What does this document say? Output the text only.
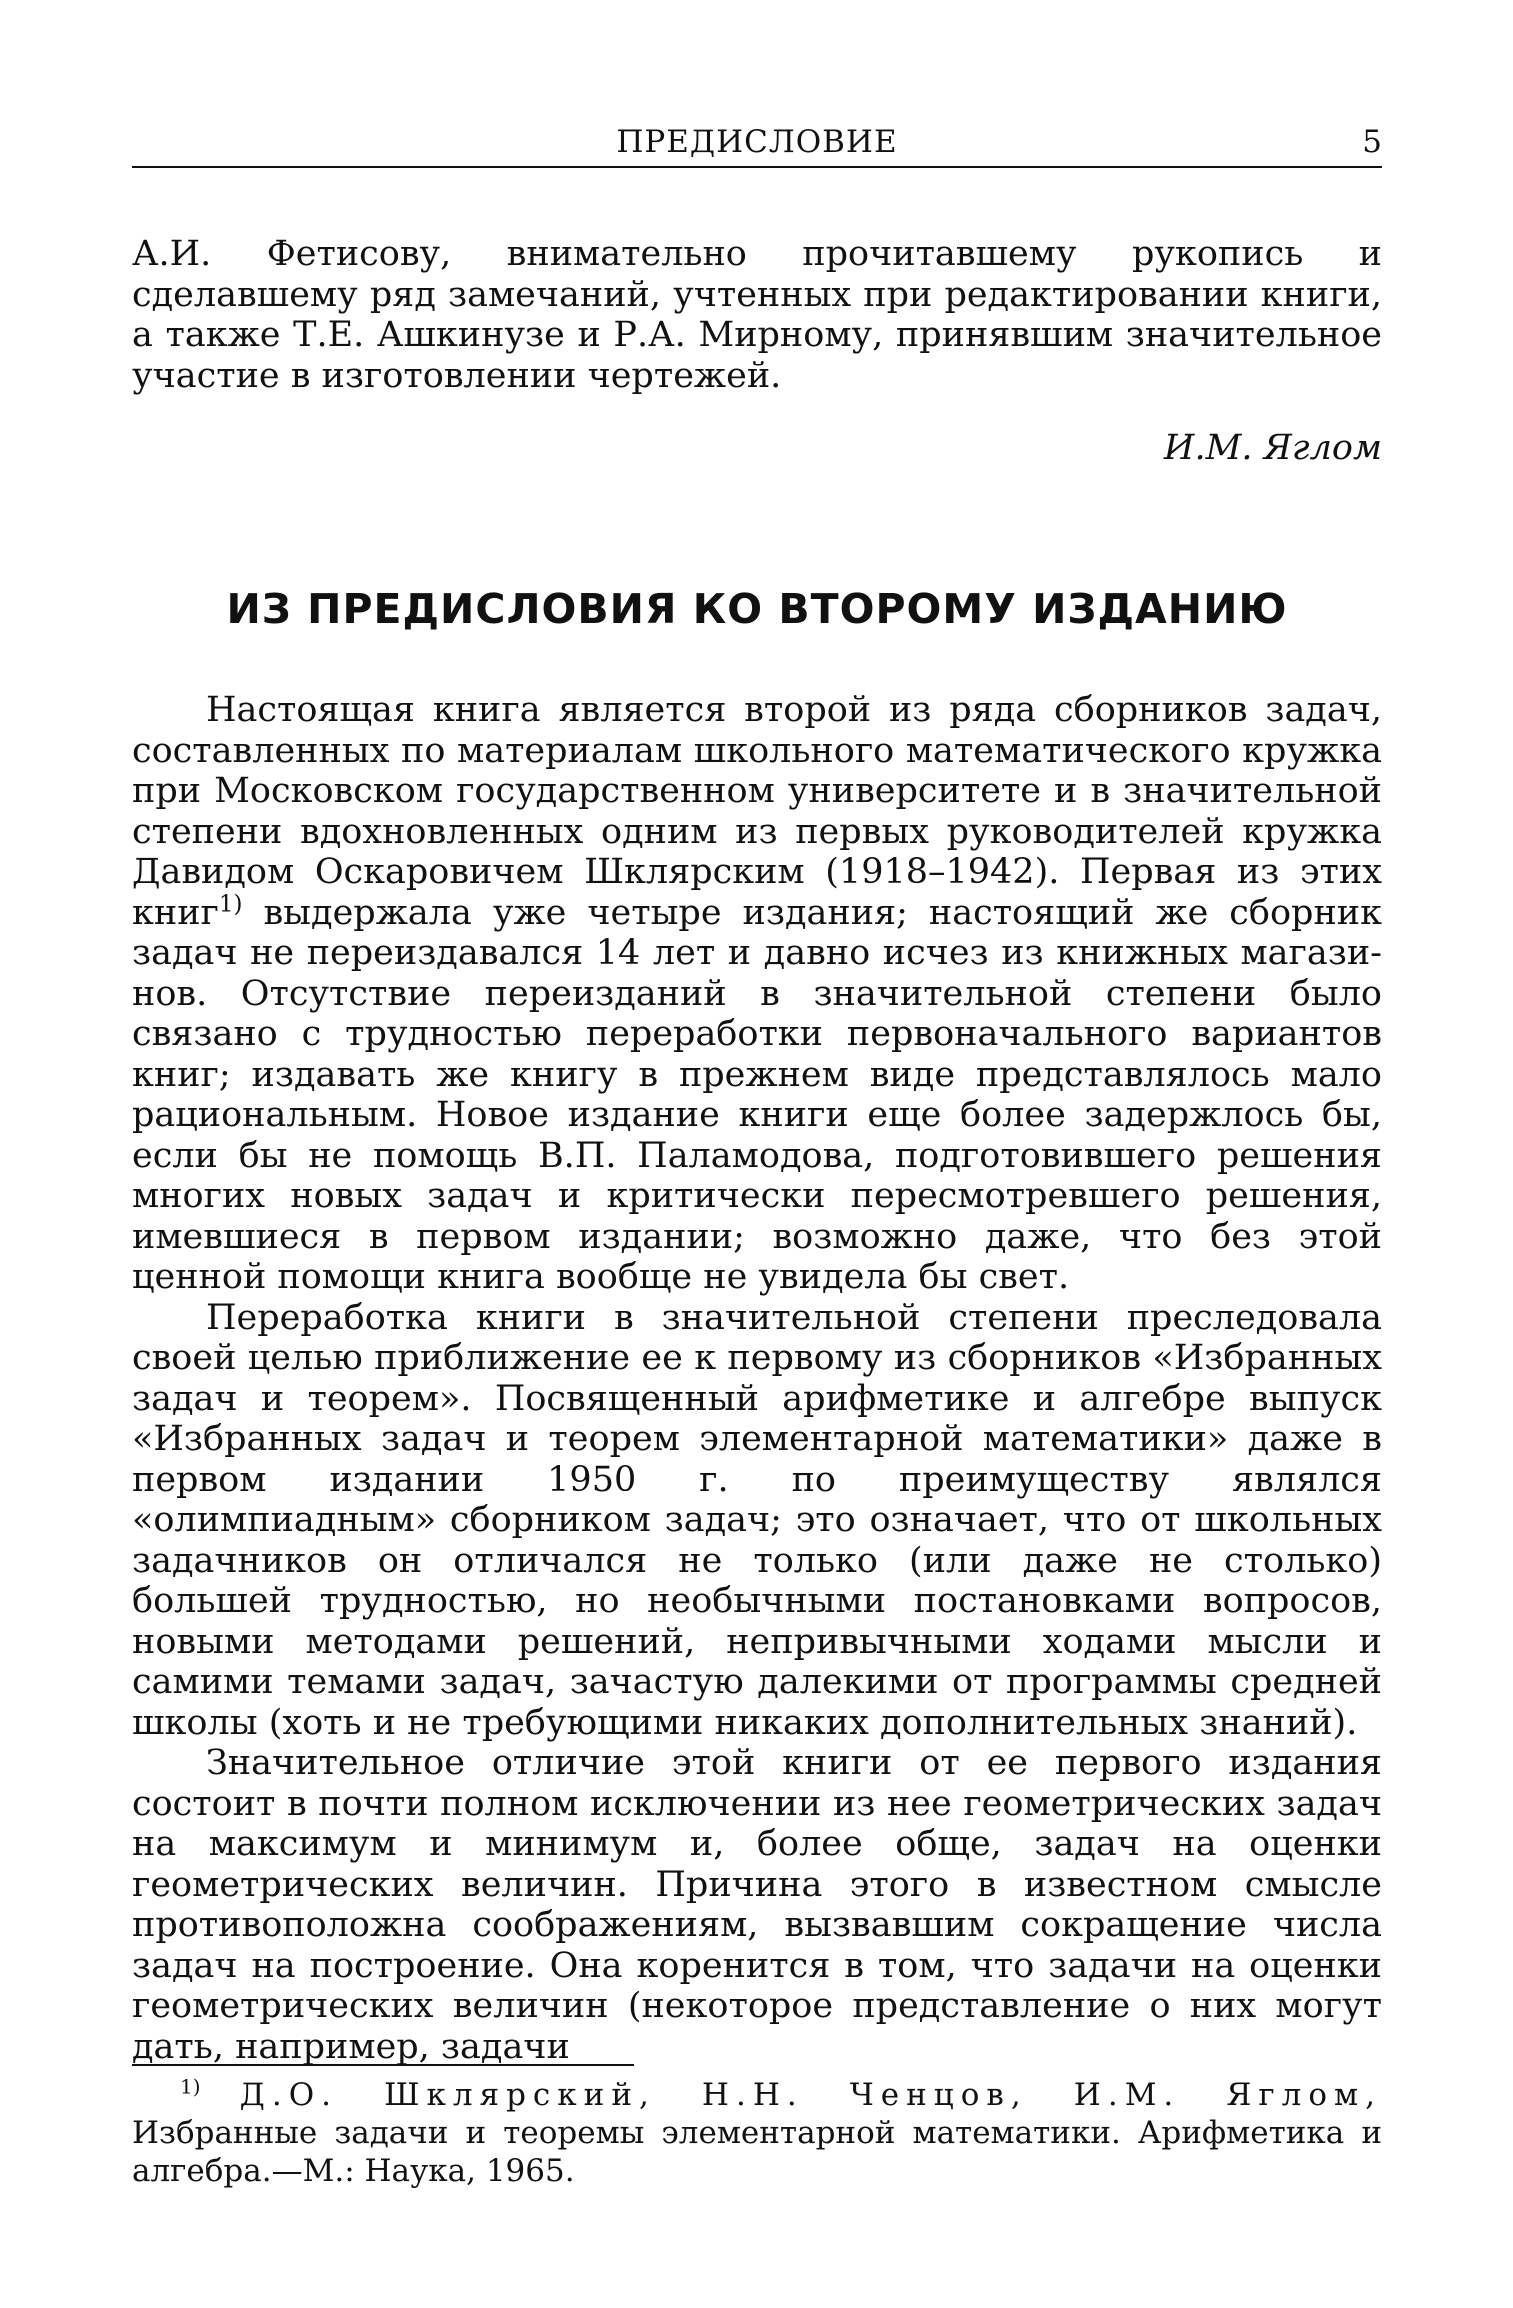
ПРЕДИСЛОВИЕ	5

А.И. Фетисову, внимательно прочитавшему рукопись и сделавшему ряд замечаний, учтенных при редактировании книги, а также Т.Е. Ашкинузе и Р.А. Мирному, принявшим значительное участие в изготовлении чертежей.

И.М. Яглом
ИЗ ПРЕДИСЛОВИЯ КО ВТОРОМУ ИЗДАНИЮ

Настоящая книга является второй из ряда сборников задач, составленных по материалам школьного математического кружка при Московском государственном университете и в значительной степени вдохновленных одним из первых руководителей кружка Давидом Оскаровичем Шклярским (1918–1942). Первая из этих книг$^{1)}$ выдержала уже четыре издания; настоящий же сборник задач не переиздавался 14 лет и давно исчез из книжных магазинов. Отсутствие переизданий в значительной степени было связано с трудностью переработки первоначального вариантов книг; издавать же книгу в прежнем виде представлялось мало рациональным. Новое издание книги еще более задержлось бы, если бы не помощь В.П. Паламодова, подготовившего решения многих новых задач и критически пересмотревшего решения, имевшиеся в первом издании; возможно даже, что без этой ценной помощи книга вообще не увидела бы свет.

Переработка книги в значительной степени преследовала своей целью приближение ее к первому из сборников «Избранных задач и теорем». Посвященный арифметике и алгебре выпуск «Избранных задач и теорем элементарной математики» даже в первом издании 1950 г. по преимуществу являлся «олимпиадным» сборником задач; это означает, что от школьных задачников он отличался не только (или даже не столько) большей трудностью, но необычными постановками вопросов, новыми методами решений, непривычными ходами мысли и самими темами задач, зачастую далекими от программы средней школы (хоть и не требующими никаких дополнительных знаний).

Значительное отличие этой книги от ее первого издания состоит в почти полном исключении из нее геометрических задач на максимум и минимум и, более обще, задач на оценки геометрических величин. Причина этого в известном смысле противоположна соображениям, вызвавшим сокращение числа задач на построение. Она коренится в том, что задачи на оценки геометрических величин (некоторое представление о них могут дать, например, задачи

$^{1)}$ Д.О. Шклярский, Н.Н. Ченцов, И.М. Яглом, Избранные задачи и теоремы элементарной математики. Арифметика и алгебра.—М.: Наука, 1965.
